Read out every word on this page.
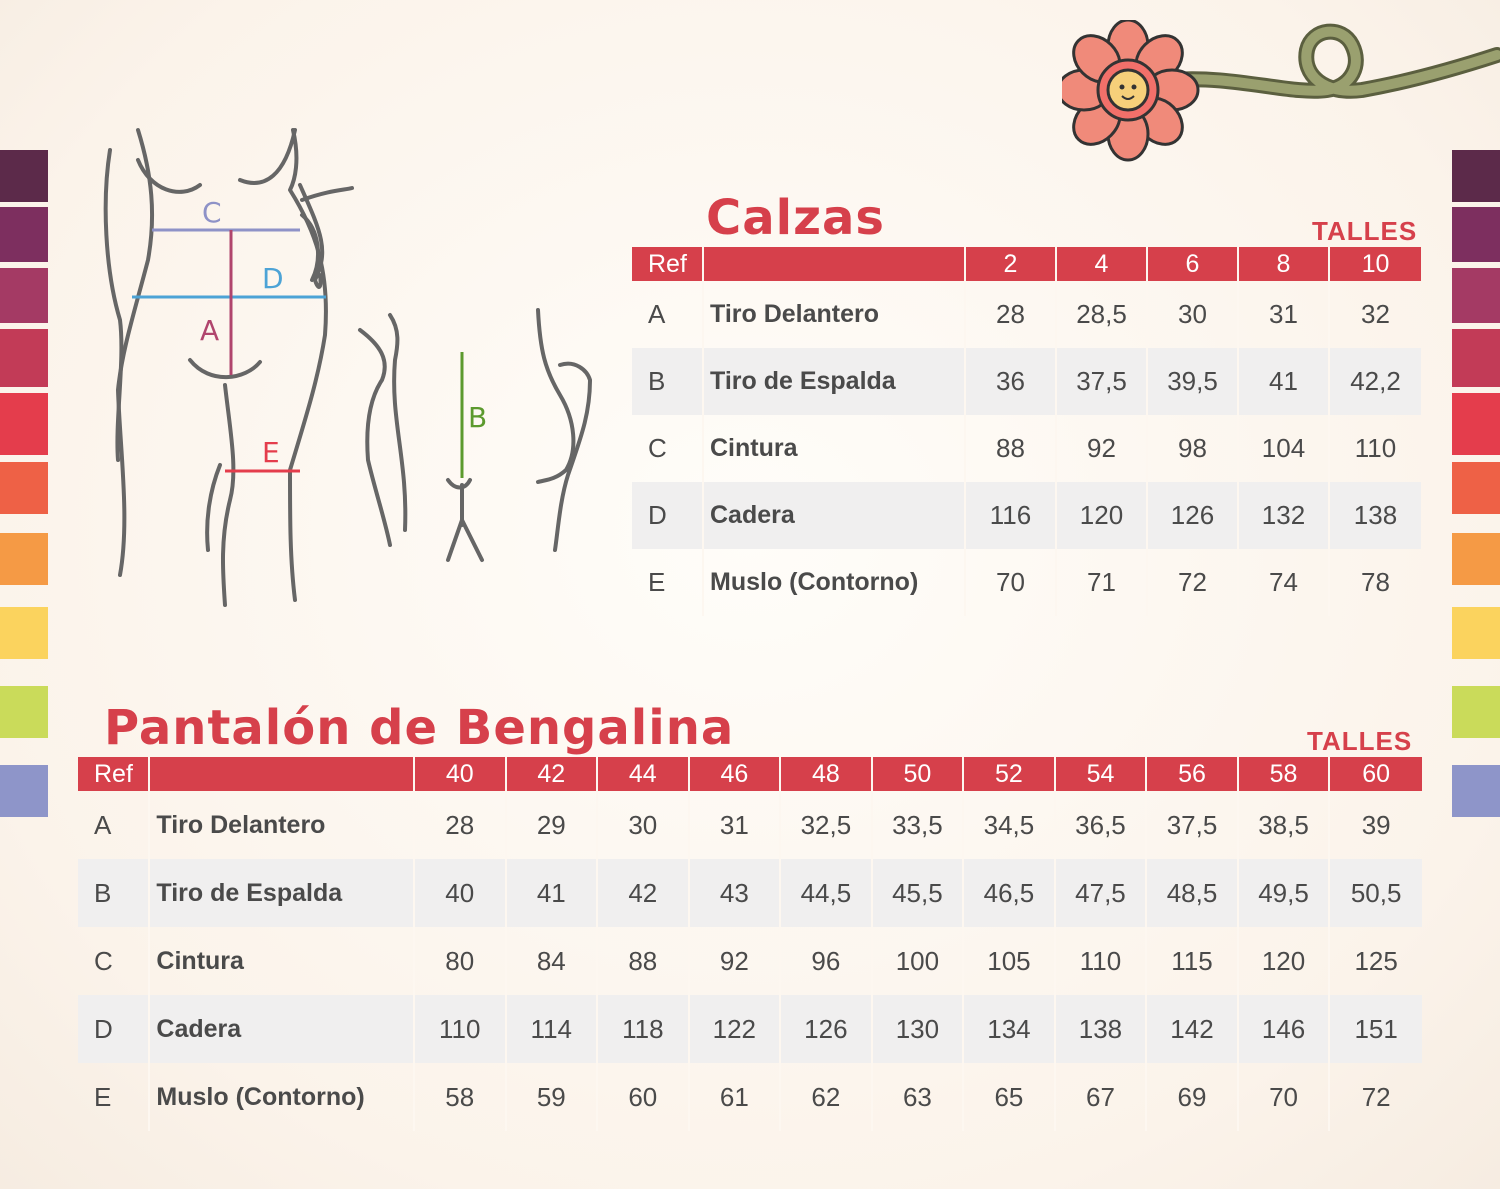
C
D
A
E
B
Calzas	TALLES
Ref		2	4	6	8	10
A	Tiro Delantero	28	28,5	30	31	32
B	Tiro de Espalda	36	37,5	39,5	41	42,2
C	Cintura	88	92	98	104	110
D	Cadera	116	120	126	132	138
E	Muslo (Contorno)	70	71	72	74	78
Pantalón de Bengalina	TALLES
Ref		40	42	44	46	48	50	52	54	56	58	60
A	Tiro Delantero	28	29	30	31	32,5	33,5	34,5	36,5	37,5	38,5	39
B	Tiro de Espalda	40	41	42	43	44,5	45,5	46,5	47,5	48,5	49,5	50,5
C	Cintura	80	84	88	92	96	100	105	110	115	120	125
D	Cadera	110	114	118	122	126	130	134	138	142	146	151
E	Muslo (Contorno)	58	59	60	61	62	63	65	67	69	70	72
